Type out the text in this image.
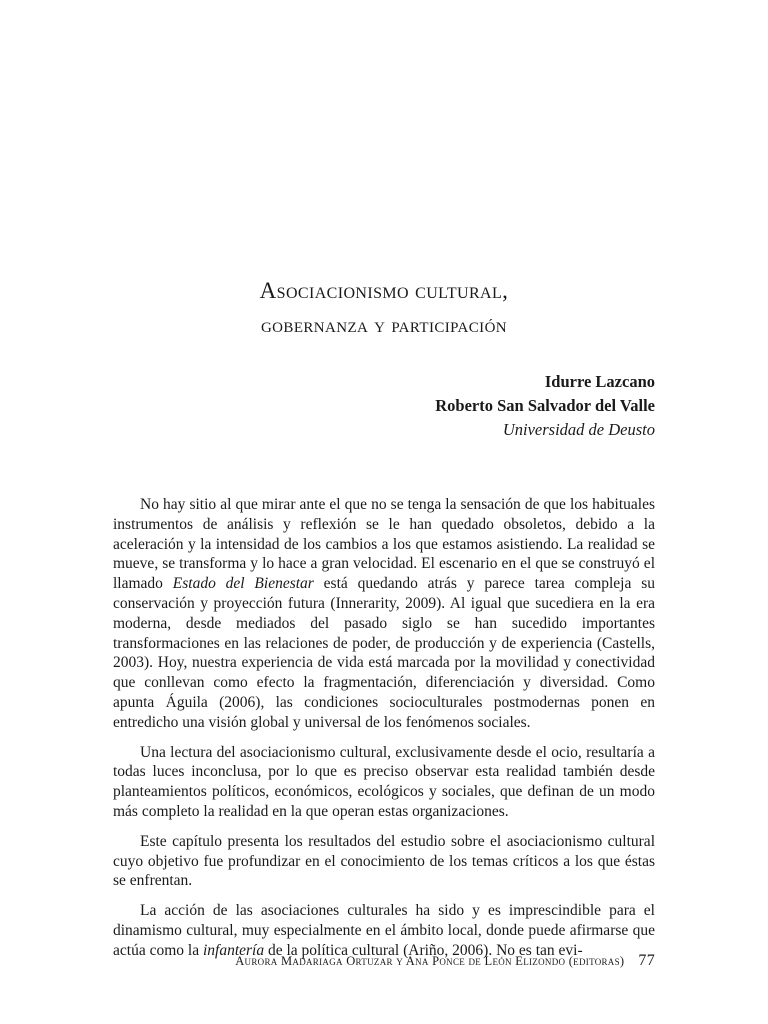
Asociacionismo cultural,
gobernanza y participación
Idurre Lazcano
Roberto San Salvador del Valle
Universidad de Deusto

No hay sitio al que mirar ante el que no se tenga la sensación de que los habituales instrumentos de análisis y reflexión se le han quedado obsoletos, debido a la aceleración y la intensidad de los cambios a los que estamos asistiendo. La realidad se mueve, se transforma y lo hace a gran velocidad. El escenario en el que se construyó el llamado Estado del Bienestar está quedando atrás y parece tarea compleja su conservación y proyección futura (Innerarity, 2009). Al igual que sucediera en la era moderna, desde mediados del pasado siglo se han sucedido importantes transformaciones en las relaciones de poder, de producción y de experiencia (Castells, 2003). Hoy, nuestra experiencia de vida está marcada por la movilidad y conectividad que conllevan como efecto la fragmentación, diferenciación y diversidad. Como apunta Águila (2006), las condiciones socioculturales postmodernas ponen en entredicho una visión global y universal de los fenómenos sociales.

Una lectura del asociacionismo cultural, exclusivamente desde el ocio, resultaría a todas luces inconclusa, por lo que es preciso observar esta realidad también desde planteamientos políticos, económicos, ecológicos y sociales, que definan de un modo más completo la realidad en la que operan estas organizaciones.

Este capítulo presenta los resultados del estudio sobre el asociacionismo cultural cuyo objetivo fue profundizar en el conocimiento de los temas críticos a los que éstas se enfrentan.

La acción de las asociaciones culturales ha sido y es imprescindible para el dinamismo cultural, muy especialmente en el ámbito local, donde puede afirmarse que actúa como la infantería de la política cultural (Ariño, 2006). No es tan evi-

Aurora Madariaga Ortuzar y Ana Ponce de León Elizondo (editoras) 77
